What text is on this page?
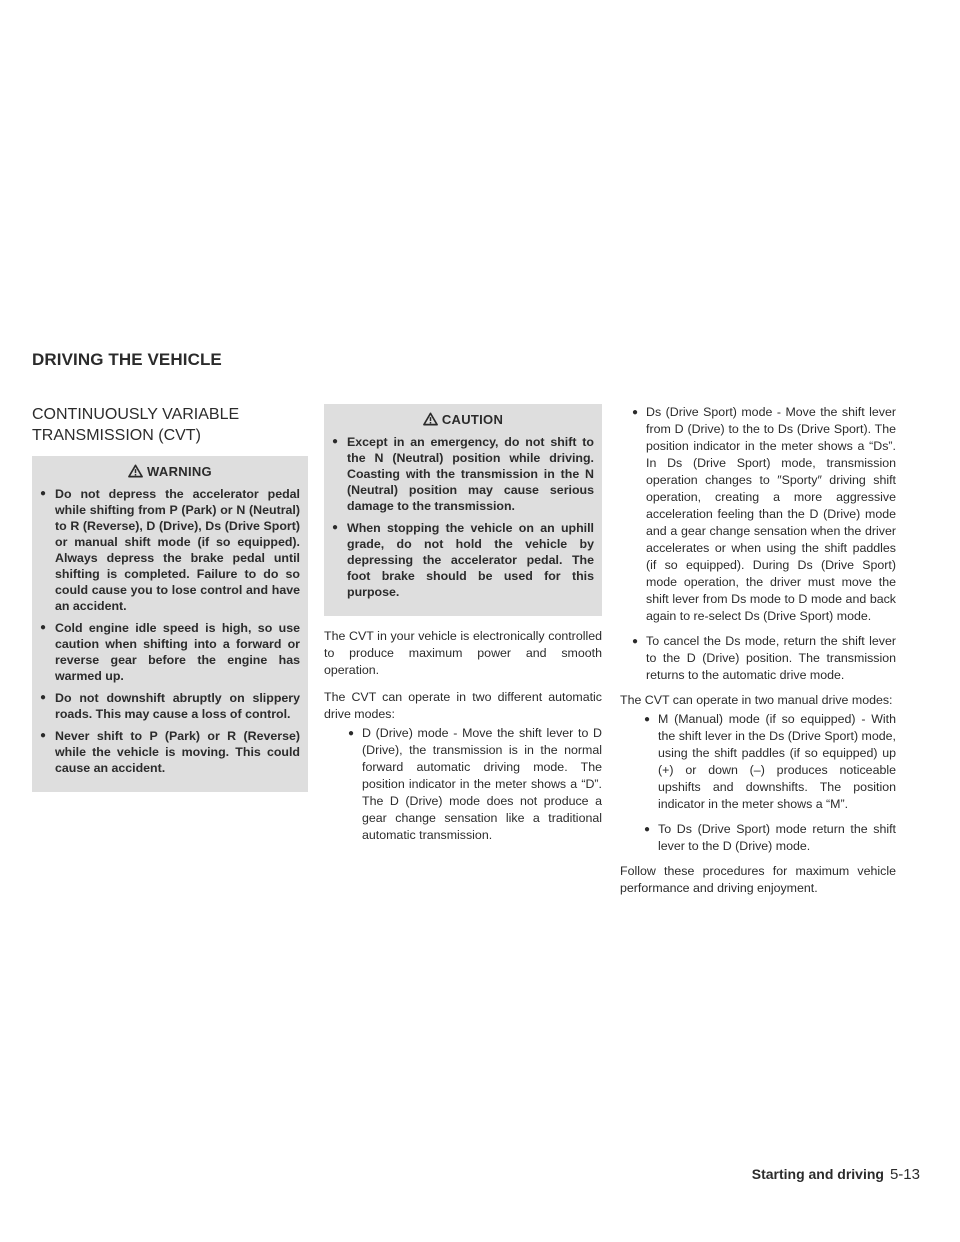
DRIVING THE VEHICLE
CONTINUOUSLY VARIABLE
TRANSMISSION (CVT)
WARNING
● Do not depress the accelerator pedal while shifting from P (Park) or N (Neutral) to R (Reverse), D (Drive), Ds (Drive Sport) or manual shift mode (if so equipped). Always depress the brake pedal until shifting is completed. Failure to do so could cause you to lose control and have an accident.
● Cold engine idle speed is high, so use caution when shifting into a forward or reverse gear before the engine has warmed up.
● Do not downshift abruptly on slippery roads. This may cause a loss of control.
● Never shift to P (Park) or R (Reverse) while the vehicle is moving. This could cause an accident.
CAUTION
● Except in an emergency, do not shift to the N (Neutral) position while driving. Coasting with the transmission in the N (Neutral) position may cause serious damage to the transmission.
● When stopping the vehicle on an uphill grade, do not hold the vehicle by depressing the accelerator pedal. The foot brake should be used for this purpose.

The CVT in your vehicle is electronically controlled to produce maximum power and smooth operation.

The CVT can operate in two different automatic drive modes:

● D (Drive) mode - Move the shift lever to D (Drive), the transmission is in the normal forward automatic driving mode. The position indicator in the meter shows a “D”. The D (Drive) mode does not produce a gear change sensation like a traditional automatic transmission.
● Ds (Drive Sport) mode - Move the shift lever from D (Drive) to the to Ds (Drive Sport). The position indicator in the meter shows a “Ds”. In Ds (Drive Sport) mode, transmission operation changes to ″Sporty″ driving shift operation, creating a more aggressive acceleration feeling than the D (Drive) mode and a gear change sensation when the driver accelerates or when using the shift paddles (if so equipped). During Ds (Drive Sport) mode operation, the driver must move the shift lever from Ds mode to D mode and back again to re-select Ds (Drive Sport) mode.
● To cancel the Ds mode, return the shift lever to the D (Drive) position. The transmission returns to the automatic drive mode.

The CVT can operate in two manual drive modes:

● M (Manual) mode (if so equipped) - With the shift lever in the Ds (Drive Sport) mode, using the shift paddles (if so equipped) up (+) or down (–) produces noticeable upshifts and downshifts. The position indicator in the meter shows a “M”.
● To Ds (Drive Sport) mode return the shift lever to the D (Drive) mode.

Follow these procedures for maximum vehicle performance and driving enjoyment.

Starting and driving 5-13
